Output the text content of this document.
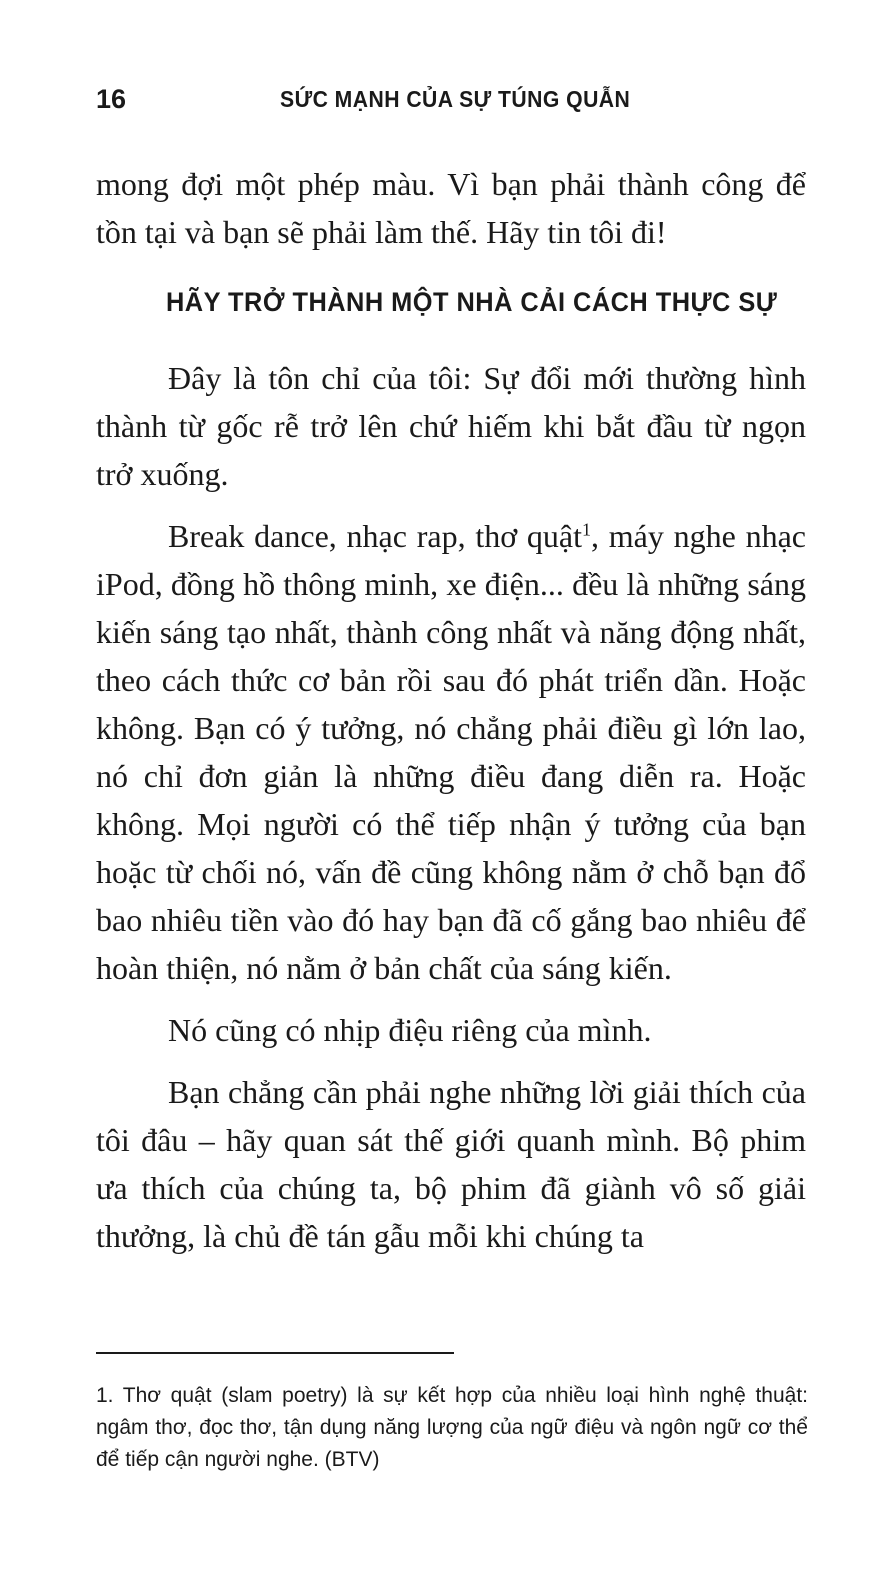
16	SỨC MẠNH CỦA SỰ TÚNG QUẪN

mong đợi một phép màu. Vì bạn phải thành công để tồn tại và bạn sẽ phải làm thế. Hãy tin tôi đi!

HÃY TRỞ THÀNH MỘT NHÀ CẢI CÁCH THỰC SỰ

Đây là tôn chỉ của tôi: Sự đổi mới thường hình thành từ gốc rễ trở lên chứ hiếm khi bắt đầu từ ngọn trở xuống.

Break dance, nhạc rap, thơ quật$^1$, máy nghe nhạc iPod, đồng hồ thông minh, xe điện... đều là những sáng kiến sáng tạo nhất, thành công nhất và năng động nhất, theo cách thức cơ bản rồi sau đó phát triển dần. Hoặc không. Bạn có ý tưởng, nó chẳng phải điều gì lớn lao, nó chỉ đơn giản là những điều đang diễn ra. Hoặc không. Mọi người có thể tiếp nhận ý tưởng của bạn hoặc từ chối nó, vấn đề cũng không nằm ở chỗ bạn đổ bao nhiêu tiền vào đó hay bạn đã cố gắng bao nhiêu để hoàn thiện, nó nằm ở bản chất của sáng kiến.

Nó cũng có nhịp điệu riêng của mình.

Bạn chẳng cần phải nghe những lời giải thích của tôi đâu – hãy quan sát thế giới quanh mình. Bộ phim ưa thích của chúng ta, bộ phim đã giành vô số giải thưởng, là chủ đề tán gẫu mỗi khi chúng ta

1. Thơ quật (slam poetry) là sự kết hợp của nhiều loại hình nghệ thuật: ngâm thơ, đọc thơ, tận dụng năng lượng của ngữ điệu và ngôn ngữ cơ thể để tiếp cận người nghe. (BTV)
